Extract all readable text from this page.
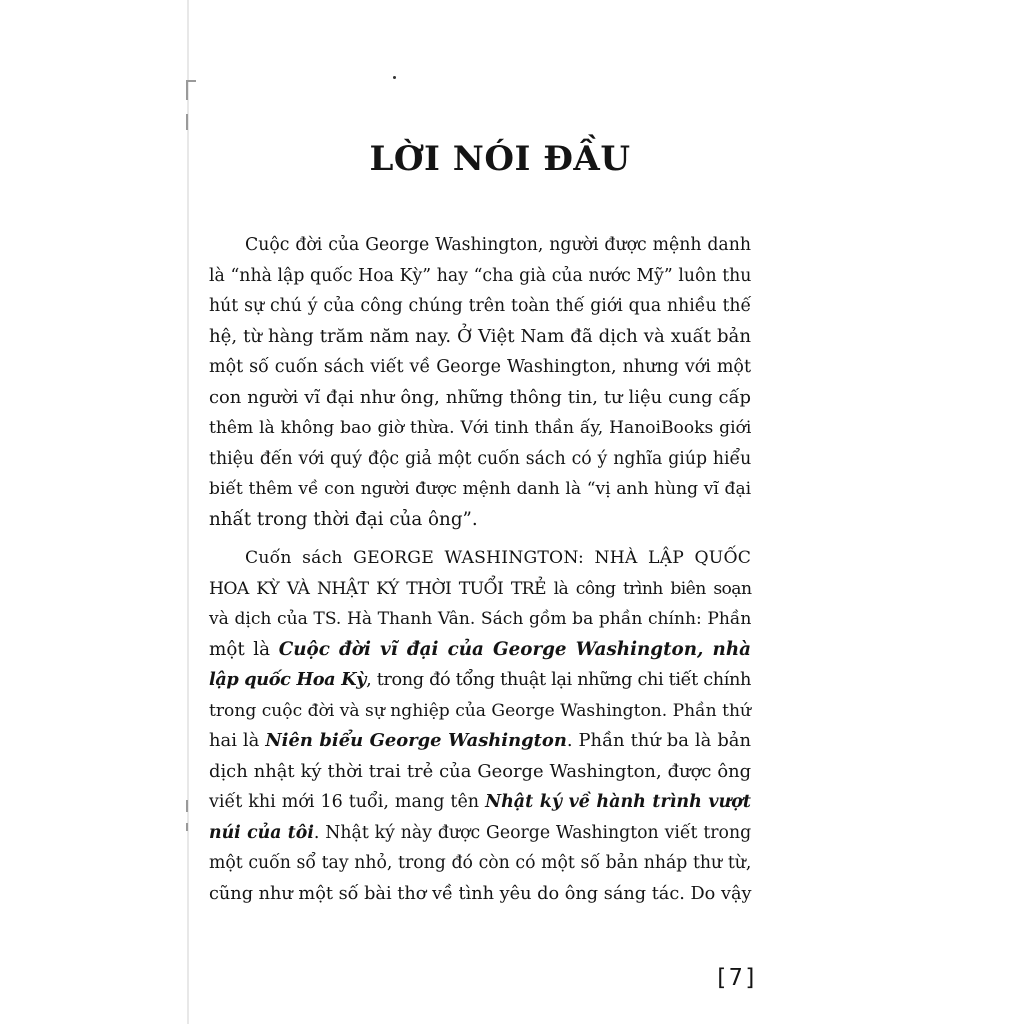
LỜI NÓI ĐẦU
Cuộc đời của George Washington, người được mệnh danh
là “nhà lập quốc Hoa Kỳ” hay “cha già của nước Mỹ” luôn thu
hút sự chú ý của công chúng trên toàn thế giới qua nhiều thế
hệ, từ hàng trăm năm nay. Ở Việt Nam đã dịch và xuất bản
một số cuốn sách viết về George Washington, nhưng với một
con người vĩ đại như ông, những thông tin, tư liệu cung cấp
thêm là không bao giờ thừa. Với tinh thần ấy, HanoiBooks giới
thiệu đến với quý độc giả một cuốn sách có ý nghĩa giúp hiểu
biết thêm về con người được mệnh danh là “vị anh hùng vĩ đại
nhất trong thời đại của ông”.
Cuốn sách GEORGE WASHINGTON: NHÀ LẬP QUỐC
HOA KỲ VÀ NHẬT KÝ THỜI TUỔI TRẺ là công trình biên soạn
và dịch của TS. Hà Thanh Vân. Sách gồm ba phần chính: Phần
một là Cuộc đời vĩ đại của George Washington, nhà
lập quốc Hoa Kỳ, trong đó tổng thuật lại những chi tiết chính
trong cuộc đời và sự nghiệp của George Washington. Phần thứ
hai là Niên biểu George Washington. Phần thứ ba là bản
dịch nhật ký thời trai trẻ của George Washington, được ông
viết khi mới 16 tuổi, mang tên Nhật ký về hành trình vượt
núi của tôi. Nhật ký này được George Washington viết trong
một cuốn sổ tay nhỏ, trong đó còn có một số bản nháp thư từ,
cũng như một số bài thơ về tình yêu do ông sáng tác. Do vậy
[7]
